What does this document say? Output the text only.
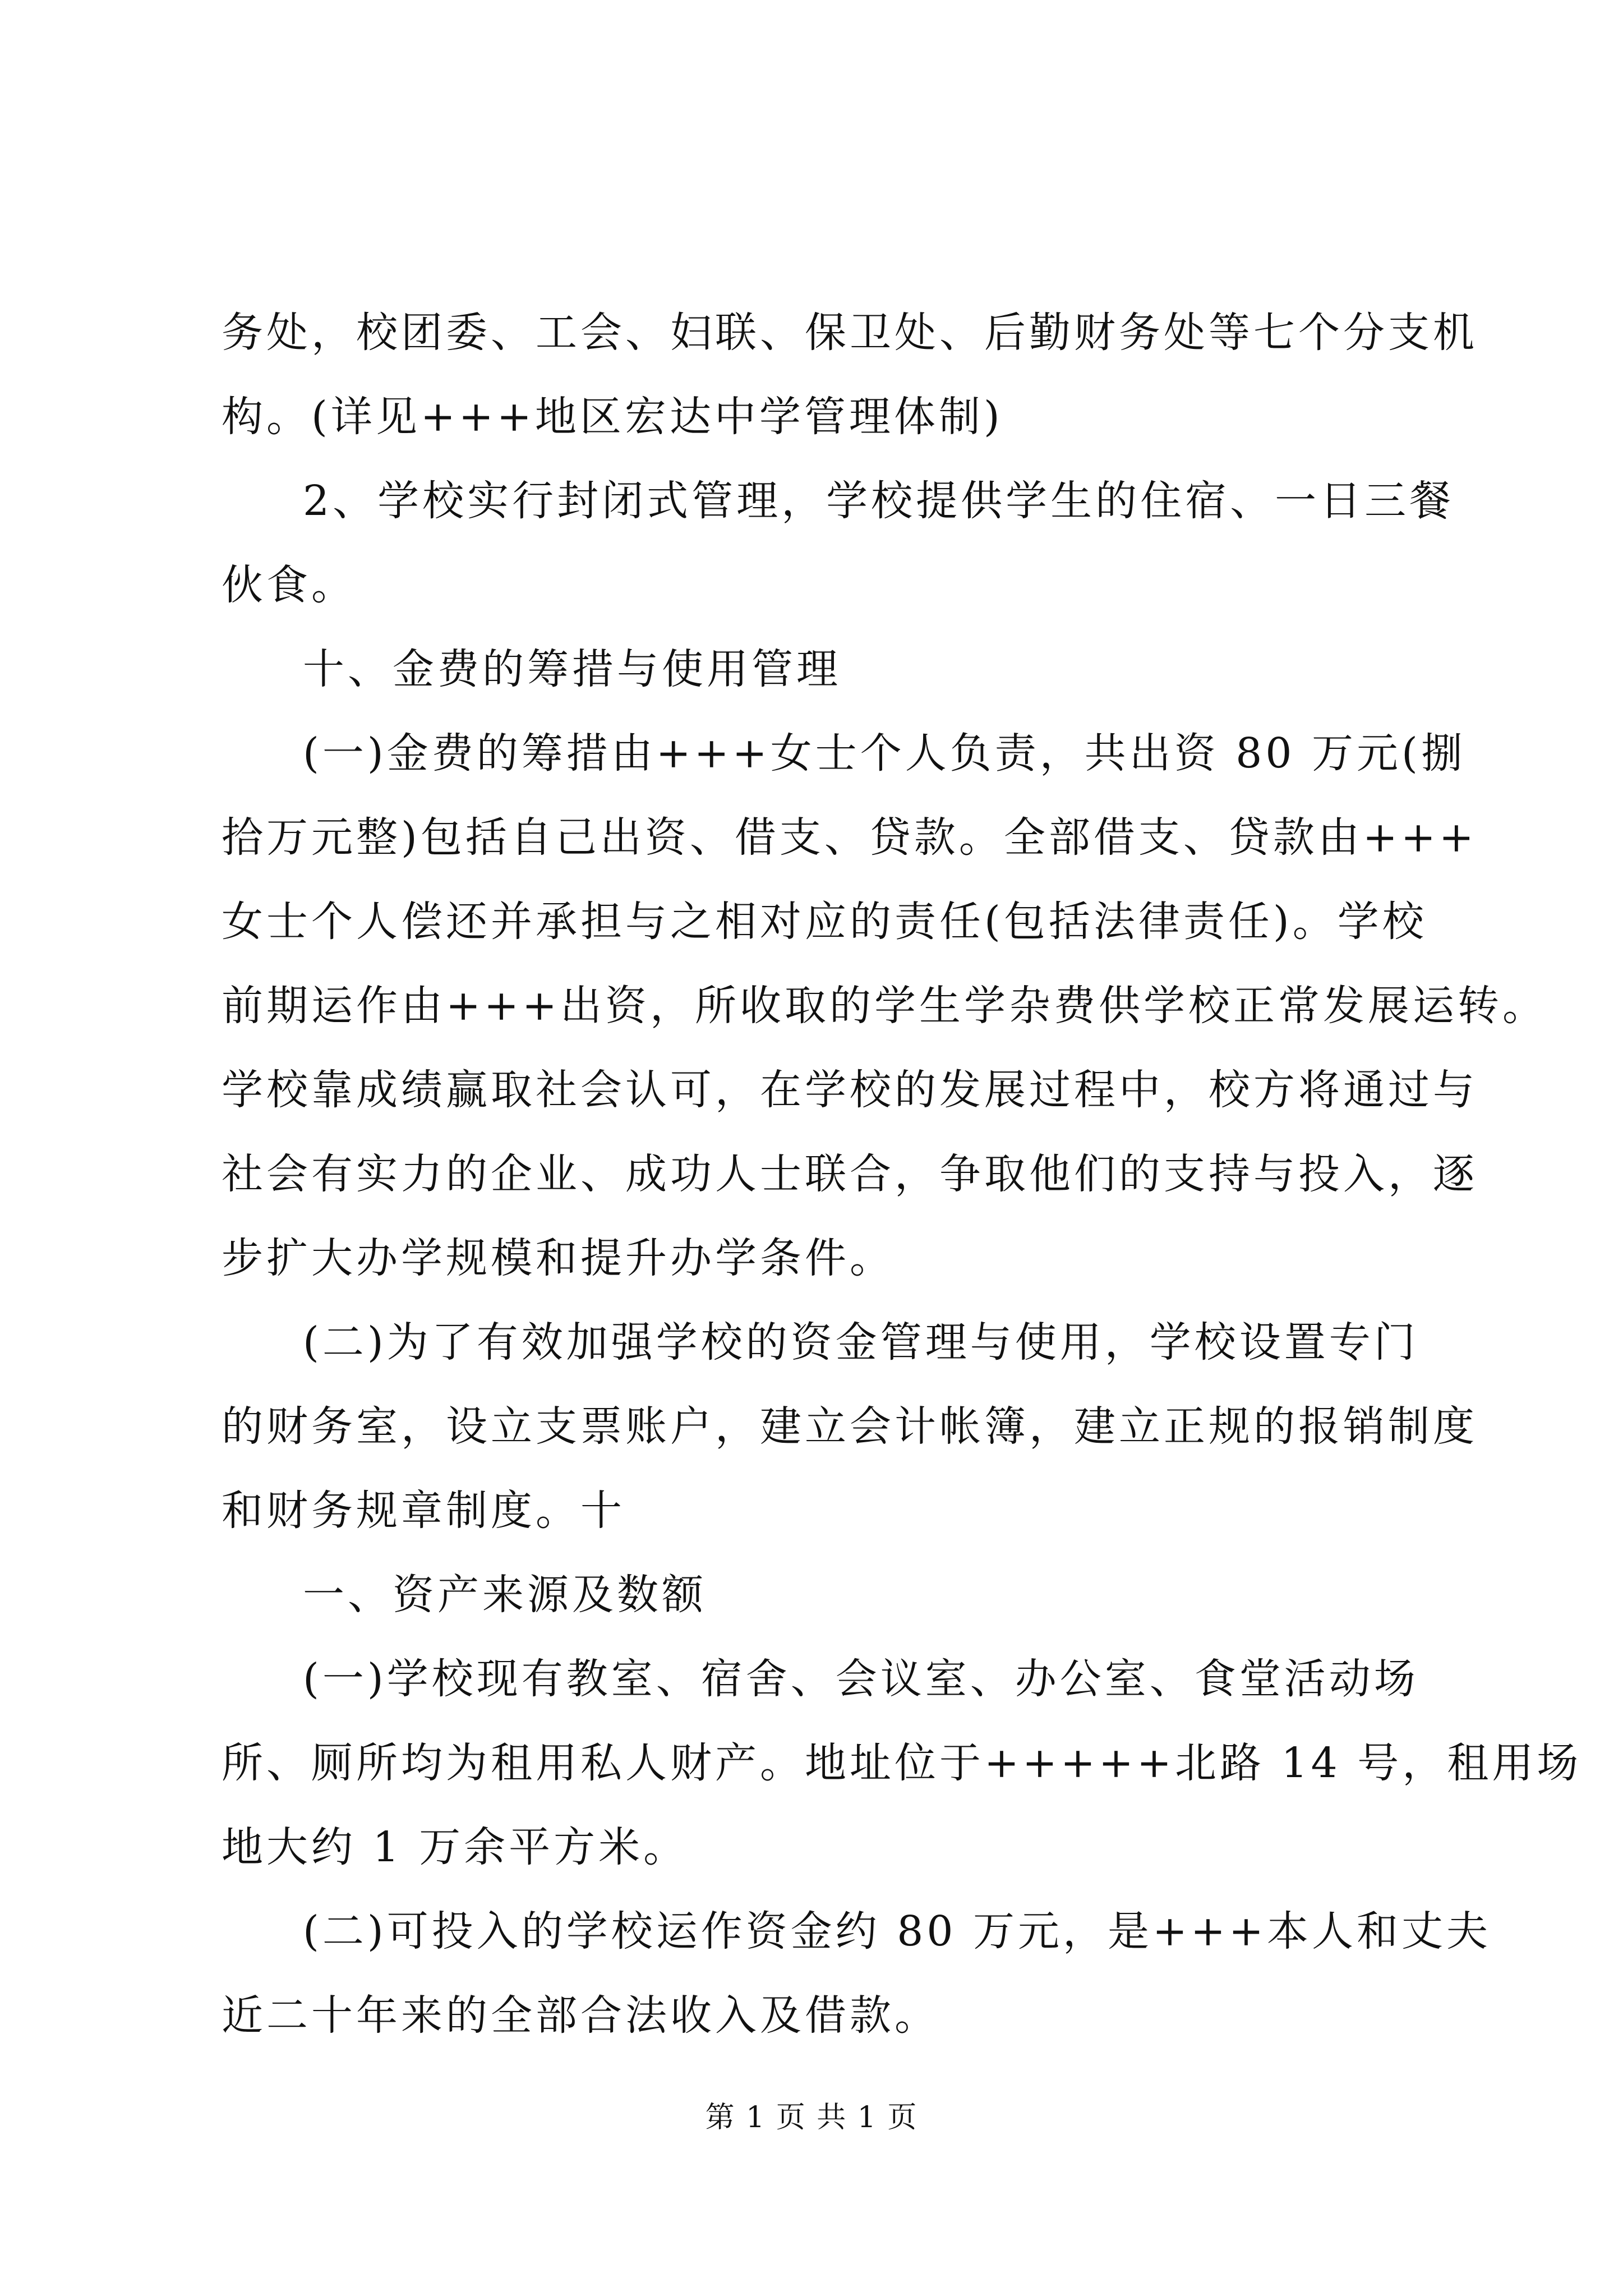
务处，校团委、工会、妇联、保卫处、后勤财务处等七个分支机
构。(详见+++地区宏达中学管理体制)
2、学校实行封闭式管理，学校提供学生的住宿、一日三餐
伙食。
十、金费的筹措与使用管理
(一)金费的筹措由+++女士个人负责，共出资 80 万元(捌
拾万元整)包括自己出资、借支、贷款。全部借支、贷款由+++
女士个人偿还并承担与之相对应的责任(包括法律责任)。学校
前期运作由+++出资，所收取的学生学杂费供学校正常发展运转。
学校靠成绩赢取社会认可，在学校的发展过程中，校方将通过与
社会有实力的企业、成功人士联合，争取他们的支持与投入，逐
步扩大办学规模和提升办学条件。
(二)为了有效加强学校的资金管理与使用，学校设置专门
的财务室，设立支票账户，建立会计帐簿，建立正规的报销制度
和财务规章制度。十
一、资产来源及数额
(一)学校现有教室、宿舍、会议室、办公室、食堂活动场
所、厕所均为租用私人财产。地址位于+++++北路 14 号，租用场
地大约 1 万余平方米。
(二)可投入的学校运作资金约 80 万元，是+++本人和丈夫
近二十年来的全部合法收入及借款。
第 1 页 共 1 页
